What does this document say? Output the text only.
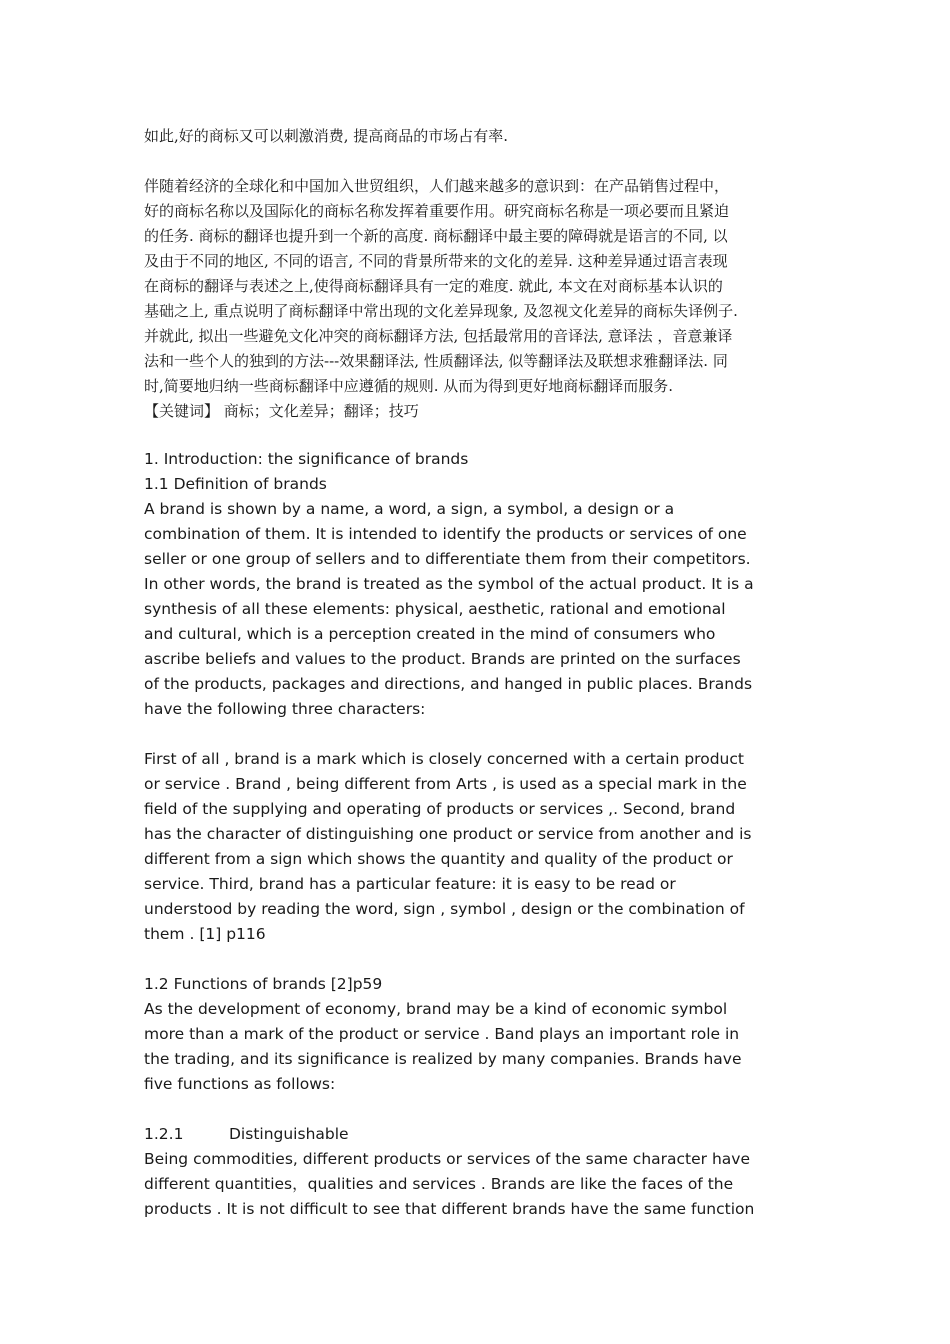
如此,好的商标又可以刺激消费, 提高商品的市场占有率.

伴随着经济的全球化和中国加入世贸组织，人们越来越多的意识到：在产品销售过程中，
好的商标名称以及国际化的商标名称发挥着重要作用。研究商标名称是一项必要而且紧迫
的任务. 商标的翻译也提升到一个新的高度. 商标翻译中最主要的障碍就是语言的不同, 以
及由于不同的地区, 不同的语言, 不同的背景所带来的文化的差异. 这种差异通过语言表现
在商标的翻译与表述之上,使得商标翻译具有一定的难度. 就此, 本文在对商标基本认识的
基础之上, 重点说明了商标翻译中常出现的文化差异现象, 及忽视文化差异的商标失译例子.
并就此, 拟出一些避免文化冲突的商标翻译方法, 包括最常用的音译法, 意译法 ，音意兼译
法和一些个人的独到的方法---效果翻译法, 性质翻译法, 似等翻译法及联想求雅翻译法. 同
时,简要地归纳一些商标翻译中应遵循的规则. 从而为得到更好地商标翻译而服务.

【关键词】 商标；文化差异；翻译；技巧

1. Introduction: the significance of brands

1.1 Definition of brands

A brand is shown by a name, a word, a sign, a symbol, a design or a
combination of them. It is intended to identify the products or services of one
seller or one group of sellers and to differentiate them from their competitors.
In other words, the brand is treated as the symbol of the actual product. It is a
synthesis of all these elements: physical, aesthetic, rational and emotional
and cultural, which is a perception created in the mind of consumers who
ascribe beliefs and values to the product. Brands are printed on the surfaces
of the products, packages and directions, and hanged in public places. Brands
have the following three characters:
First of all , brand is a mark which is closely concerned with a certain product
or service . Brand , being different from Arts , is used as a special mark in the
field of the supplying and operating of products or services ,. Second, brand
has the character of distinguishing one product or service from another and is
different from a sign which shows the quantity and quality of the product or
service. Third, brand has a particular feature: it is easy to be read or
understood by reading the word, sign , symbol , design or the combination of
them . [1] p116

1.2 Functions of brands [2]p59

As the development of economy, brand may be a kind of economic symbol
more than a mark of the product or service . Band plays an important role in
the trading, and its significance is realized by many companies. Brands have
five functions as follows:

1.2.1	Distinguishable

Being commodities, different products or services of the same character have
different quantities，qualities and services . Brands are like the faces of the
products . It is not difficult to see that different brands have the same function
